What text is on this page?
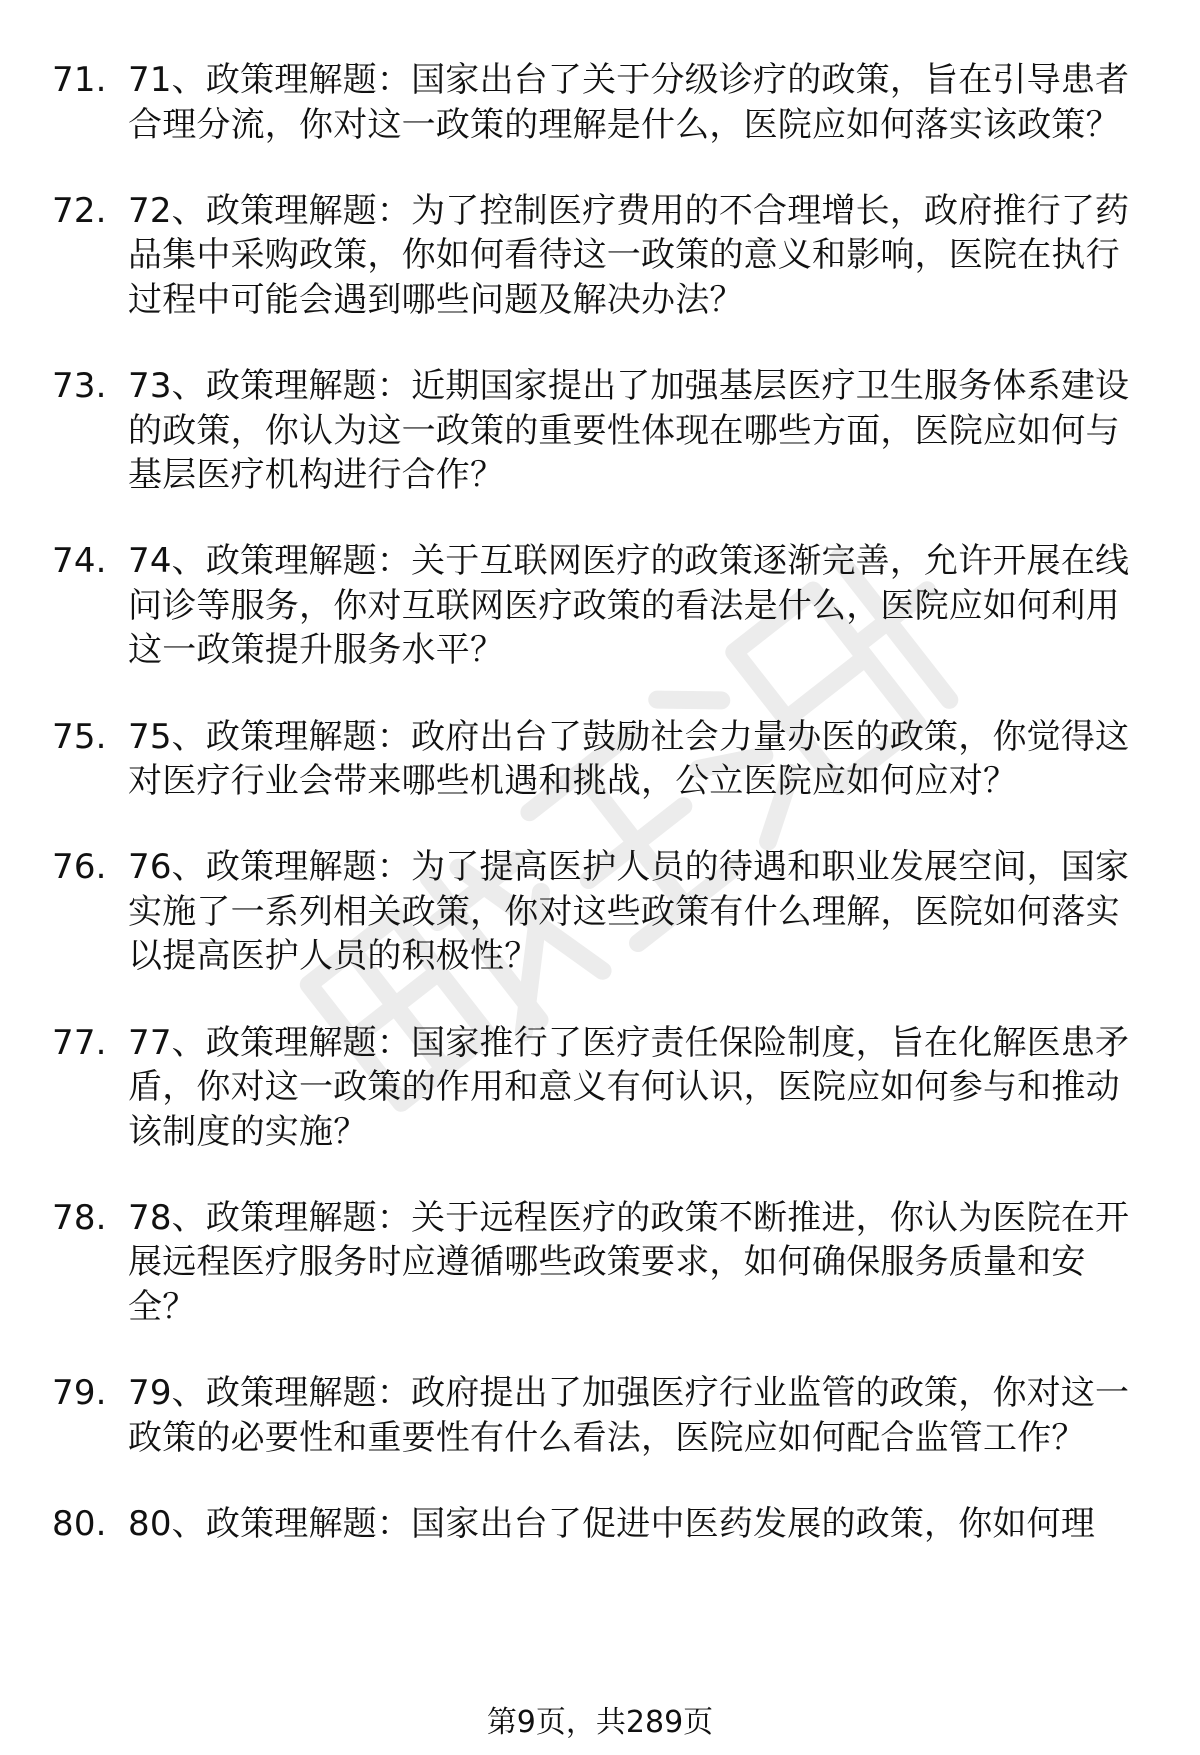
71. 71、政策理解题：国家出台了关于分级诊疗的政策，旨在引导患者合理分流，你对这一政策的理解是什么，医院应如何落实该政策？
72. 72、政策理解题：为了控制医疗费用的不合理增长，政府推行了药品集中采购政策，你如何看待这一政策的意义和影响，医院在执行过程中可能会遇到哪些问题及解决办法？
73. 73、政策理解题：近期国家提出了加强基层医疗卫生服务体系建设的政策，你认为这一政策的重要性体现在哪些方面，医院应如何与基层医疗机构进行合作？
74. 74、政策理解题：关于互联网医疗的政策逐渐完善，允许开展在线问诊等服务，你对互联网医疗政策的看法是什么，医院应如何利用这一政策提升服务水平？
75. 75、政策理解题：政府出台了鼓励社会力量办医的政策，你觉得这对医疗行业会带来哪些机遇和挑战，公立医院应如何应对？
76. 76、政策理解题：为了提高医护人员的待遇和职业发展空间，国家实施了一系列相关政策，你对这些政策有什么理解，医院如何落实以提高医护人员的积极性？
77. 77、政策理解题：国家推行了医疗责任保险制度，旨在化解医患矛盾，你对这一政策的作用和意义有何认识，医院应如何参与和推动该制度的实施？
78. 78、政策理解题：关于远程医疗的政策不断推进，你认为医院在开展远程医疗服务时应遵循哪些政策要求，如何确保服务质量和安全？
79. 79、政策理解题：政府提出了加强医疗行业监管的政策，你对这一政策的必要性和重要性有什么看法，医院应如何配合监管工作？
80. 80、政策理解题：国家出台了促进中医药发展的政策，你如何理
第9页，共289页
